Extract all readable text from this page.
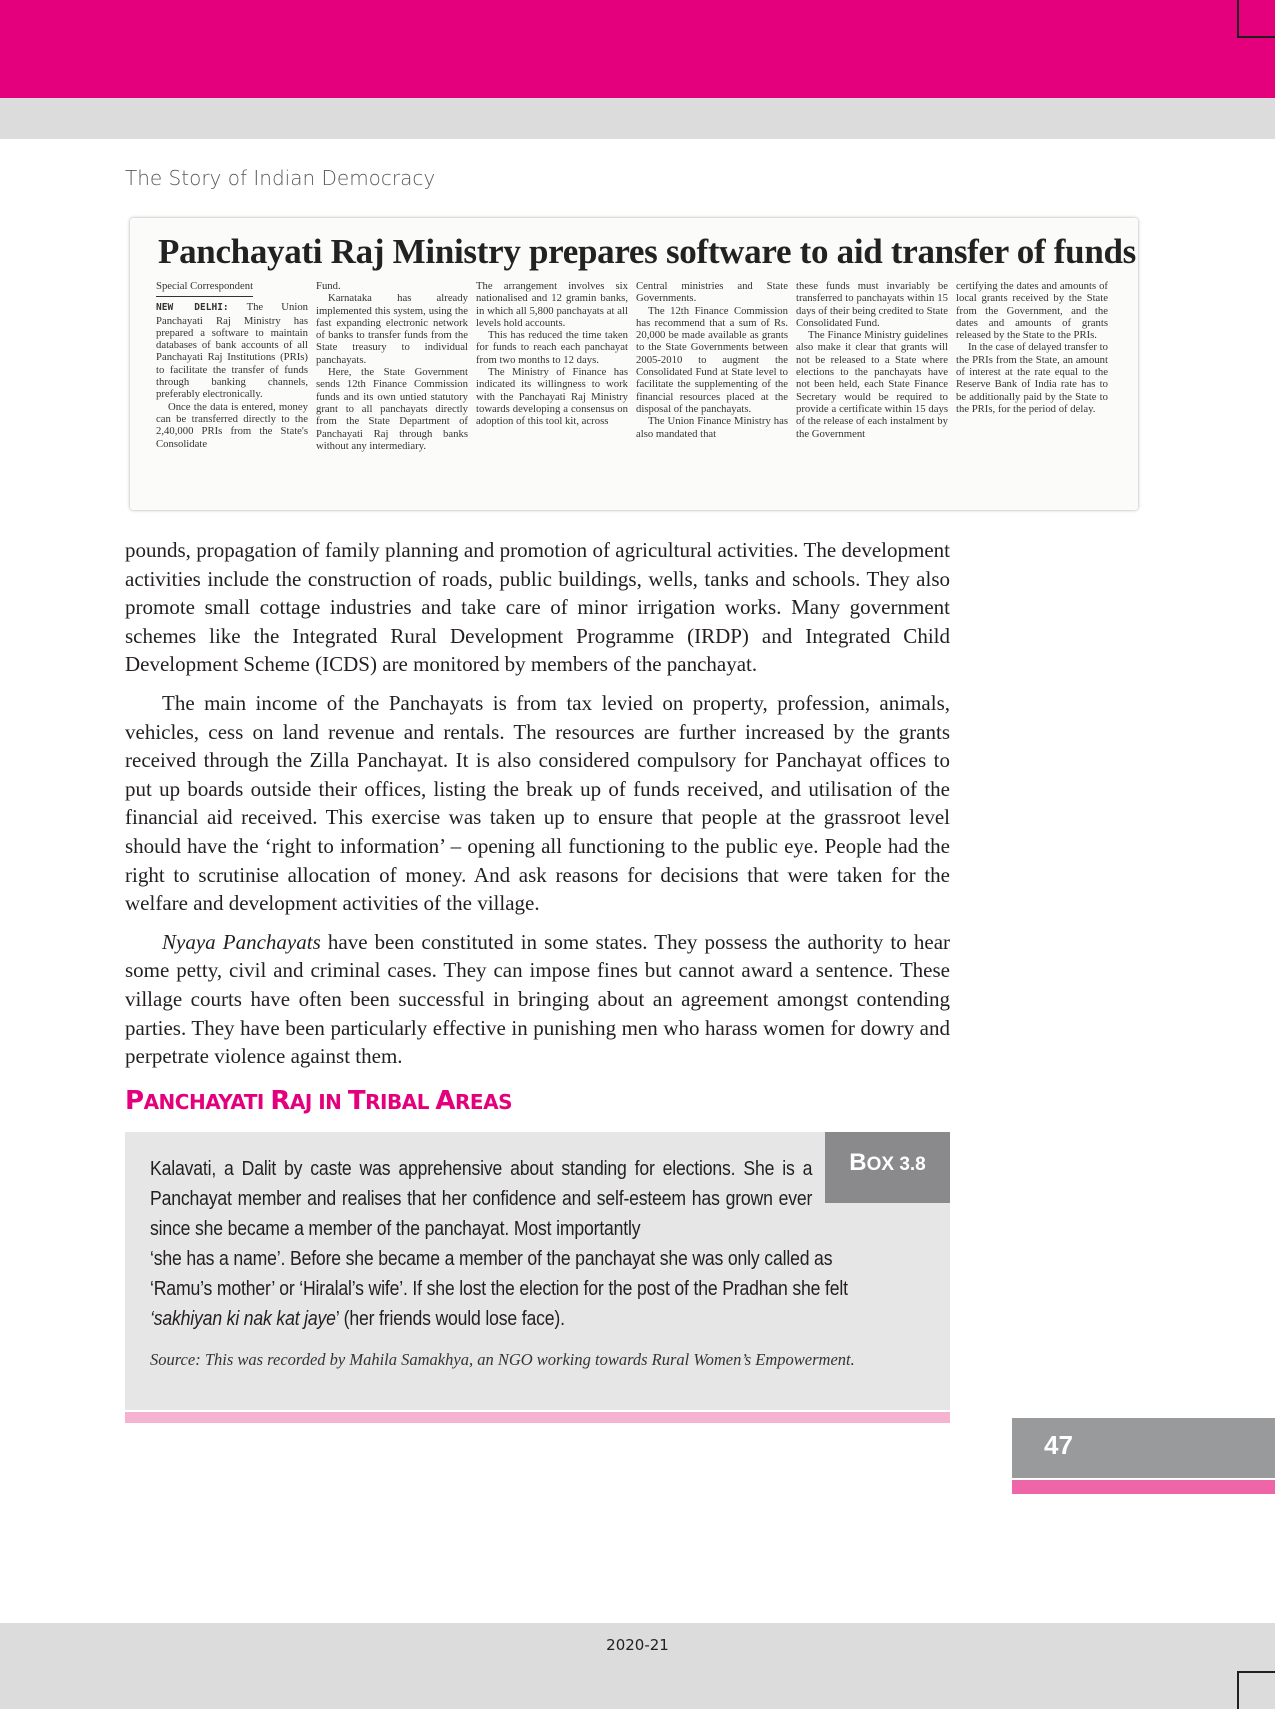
The Story of Indian Democracy
Panchayati Raj Ministry prepares software to aid transfer of funds
Special Correspondent

NEW DELHI: The Union Panchayati Raj Ministry has prepared a software to maintain databases of bank accounts of all Panchayati Raj Institutions (PRIs) to facilitate the transfer of funds through banking channels, preferably electronically.

Once the data is entered, money can be transferred directly to the 2,40,000 PRIs from the State's Consolidate

Fund.

Karnataka has already implemented this system, using the fast expanding electronic network of banks to transfer funds from the State treasury to individual panchayats.

Here, the State Government sends 12th Finance Commission funds and its own untied statutory grant to all panchayats directly from the State Department of Panchayati Raj through banks without any intermediary.

The arrangement involves six nationalised and 12 gramin banks, in which all 5,800 panchayats at all levels hold accounts.

This has reduced the time taken for funds to reach each panchayat from two months to 12 days.

The Ministry of Finance has indicated its willingness to work with the Panchayati Raj Ministry towards developing a consensus on adoption of this tool kit, across

Central ministries and State Governments.

The 12th Finance Commission has recommend that a sum of Rs. 20,000 be made available as grants to the State Governments between 2005-2010 to augment the Consolidated Fund at State level to facilitate the supplementing of the financial resources placed at the disposal of the panchayats.

The Union Finance Ministry has also mandated that

these funds must invariably be transferred to panchayats within 15 days of their being credited to State Consolidated Fund.

The Finance Ministry guidelines also make it clear that grants will not be released to a State where elections to the panchayats have not been held, each State Finance Secretary would be required to provide a certificate within 15 days of the release of each instalment by the Government

certifying the dates and amounts of local grants received by the State from the Government, and the dates and amounts of grants released by the State to the PRIs.

In the case of delayed transfer to the PRIs from the State, an amount of interest at the rate equal to the Reserve Bank of India rate has to be additionally paid by the State to the PRIs, for the period of delay.

pounds, propagation of family planning and promotion of agricultural activities. The development activities include the construction of roads, public buildings, wells, tanks and schools. They also promote small cottage industries and take care of minor irrigation works. Many government schemes like the Integrated Rural Development Programme (IRDP) and Integrated Child Development Scheme (ICDS) are monitored by members of the panchayat.

The main income of the Panchayats is from tax levied on property, profession, animals, vehicles, cess on land revenue and rentals. The resources are further increased by the grants received through the Zilla Panchayat. It is also considered compulsory for Panchayat offices to put up boards outside their offices, listing the break up of funds received, and utilisation of the financial aid received. This exercise was taken up to ensure that people at the grassroot level should have the ‘right to information’ – opening all functioning to the public eye. People had the right to scrutinise allocation of money. And ask reasons for decisions that were taken for the welfare and development activities of the village.

Nyaya Panchayats have been constituted in some states. They possess the authority to hear some petty, civil and criminal cases. They can impose fines but cannot award a sentence. These village courts have often been successful in bringing about an agreement amongst contending parties. They have been particularly effective in punishing men who harass women for dowry and perpetrate violence against them.

PANCHAYATI RAJ IN TRIBAL AREAS
BOX 3.8
Kalavati, a Dalit by caste was apprehensive about standing for elections. She is a Panchayat member and realises that her confidence and self-esteem has grown ever since she became a member of the panchayat. Most importantly
‘she has a name’. Before she became a member of the panchayat she was only called as ‘Ramu’s mother’ or ‘Hiralal’s wife’. If she lost the election for the post of the Pradhan she felt ‘sakhiyan ki nak kat jaye’ (her friends would lose face).
Source: This was recorded by Mahila Samakhya, an NGO working towards Rural Women’s Empowerment.
47
2020-21
